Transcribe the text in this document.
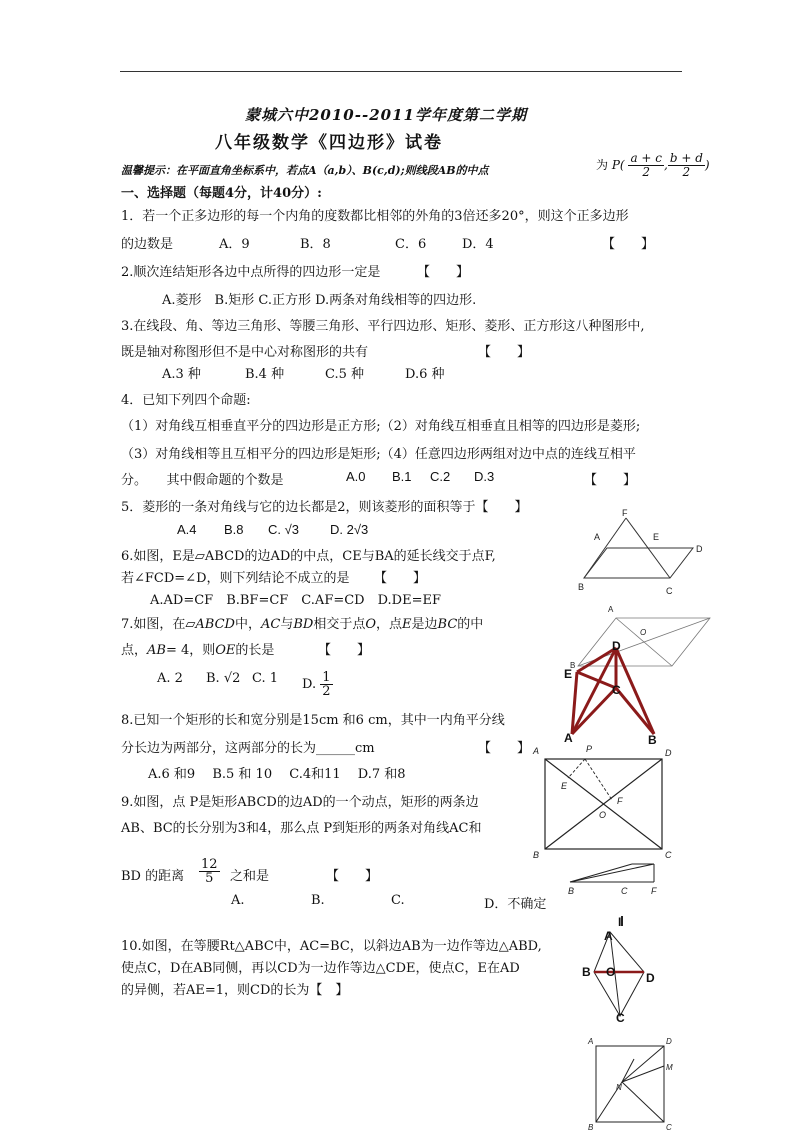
蒙城六中2010--2011学年度第二学期
八年级数学《四边形》试卷
温馨提示：在平面直角坐标系中，若点A（a,b）、B(c,d);则线段AB的中点	为 $P( \frac{a + c}{2}$ , $\frac{b + d}{2}$ )
一、选择题（每题4分，计40分）:
1．若一个正多边形的每一个内角的度数都比相邻的外角的3倍还多20°，则这个正多边形
的边数是	A．9	B．8	C．6	D．4	【　　】
2.顺次连结矩形各边中点所得的四边形一定是	【　　】
A.菱形　B.矩形 C.正方形 D.两条对角线相等的四边形.
3.在线段、角、等边三角形、等腰三角形、平行四边形、矩形、菱形、正方形这八种图形中,
既是轴对称图形但不是中心对称图形的共有	【　　】
A.3 种	B.4 种	C.5 种	D.6 种
4．已知下列四个命题:
（1）对角线互相垂直平分的四边形是正方形;（2）对角线互相垂直且相等的四边形是菱形;
（3）对角线相等且互相平分的四边形是矩形;（4）任意四边形两组对边中点的连线互相平
分。　　其中假命题的个数是	A.0 B.1 C.2 D.3	【　　】
5．菱形的一条对角线与它的边长都是2，则该菱形的面积等于【　　】
A.4 B.8 C. √3 D. 2√3
6.如图，E是▱ABCD的边AD的中点，CE与BA的延长线交于点F,
若∠FCD=∠D，则下列结论不成立的是 【　　】
A.AD=CF　B.BF=CF　C.AF=CD　D.DE=EF
7.如图，在▱ABCD中，AC与BD相交于点O，点E是边BC的中
点，AB= 4，则OE的长是	【　　】
A. 2 B. √2 C. 1 D. $\frac{1}{2}$
8.已知一个矩形的长和宽分别是15cm 和6 cm，其中一内角平分线
分长边为两部分，这两部分的长为______cm	【　　】
A.6 和9　 B.5 和 10　 C.4和11　 D.7 和8
9.如图，点 P是矩形ABCD的边AD的一个动点，矩形的两条边
AB、BC的长分别为3和4，那么点 P到矩形的两条对角线AC和
BD 的距离 $\frac{12}{5}$ 之和是	【　　】
A.	B.	C.	D．不确定
10.如图，在等腰Rt△ABC中，AC=BC，以斜边AB为一边作等边△ABD,
使点C，D在AB同侧，再以CD为一边作等边△CDE，使点C，E在AD
的异侧，若AE=1，则CD的长为【　】
F
A	E
D
B	C
A
O
B
D
E
C
A	B
A	P	D
E
F
O
B	C
B	C	F
I
A
B O	D
C
A	D
M
N
B	C
